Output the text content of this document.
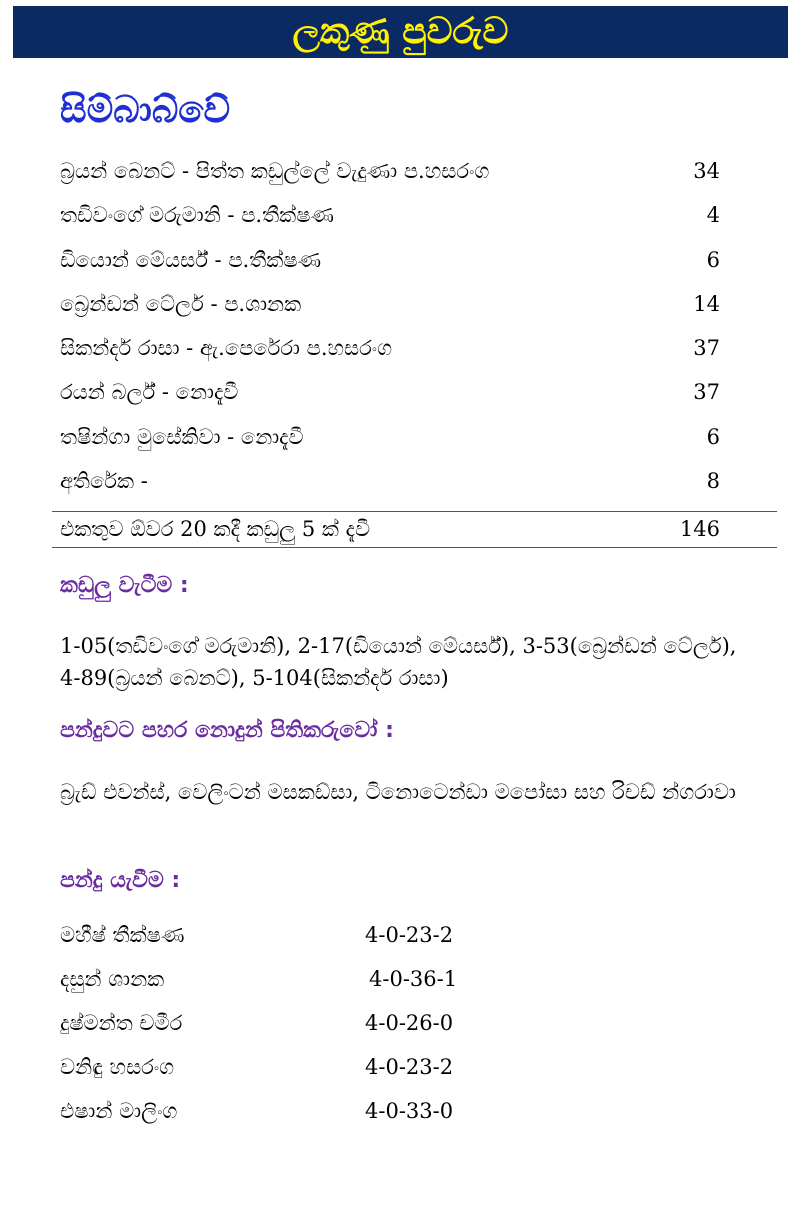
ලකුණු පුවරුව
සිම්බාබ්වේ
බ්‍රයන් බෙනට් - පිත්ත කඩුල්ලේ වැදුණා ප.හසරංග	34
තඩිවංගේ මරුමානි - ප.තීක්ෂණ	4
ඩියොන් මේයර්ස් - ප.තීක්ෂණ	6
බ්‍රෙන්ඩන් ටේලර් - ප.ශානක	14
සිකන්දර් රාසා - ඇ.පෙරේරා ප.හසරංග	37
රයන් බර්ල් - නොදැවී	37
තෂින්ගා මුසේකිවා - නොදැවී	6
අතිරේක -	8
එකතුව ඕවර 20 කදී කඩුලු 5 ක් දැවී	146
කඩුලු වැටීම :
1-05(තඩිවංගේ මරුමානි), 2-17(ඩියොන් මේයර්ස්), 3-53(බ්‍රෙන්ඩන් ටේලර්), 4-89(බ්‍රයන් බෙනට්), 5-104(සිකන්දර් රාසා)
පන්දුවට පහර නොදුන් පිතිකරුවෝ :
බ්‍රැඩ් එවන්ස්, වෙලිංටන් මසකඩ්සා, ටිනොටෙන්ඩා මපෝසා සහ රිචඩ් න්ගරාවා
පන්දු යැවීම :
මහීෂ් තීක්ෂණ	4-0-23-2
දසුන් ශානක	4-0-36-1
දුෂ්මන්ත චමීර	4-0-26-0
වනිඳු හසරංග	4-0-23-2
එෂාන් මාලිංග	4-0-33-0
